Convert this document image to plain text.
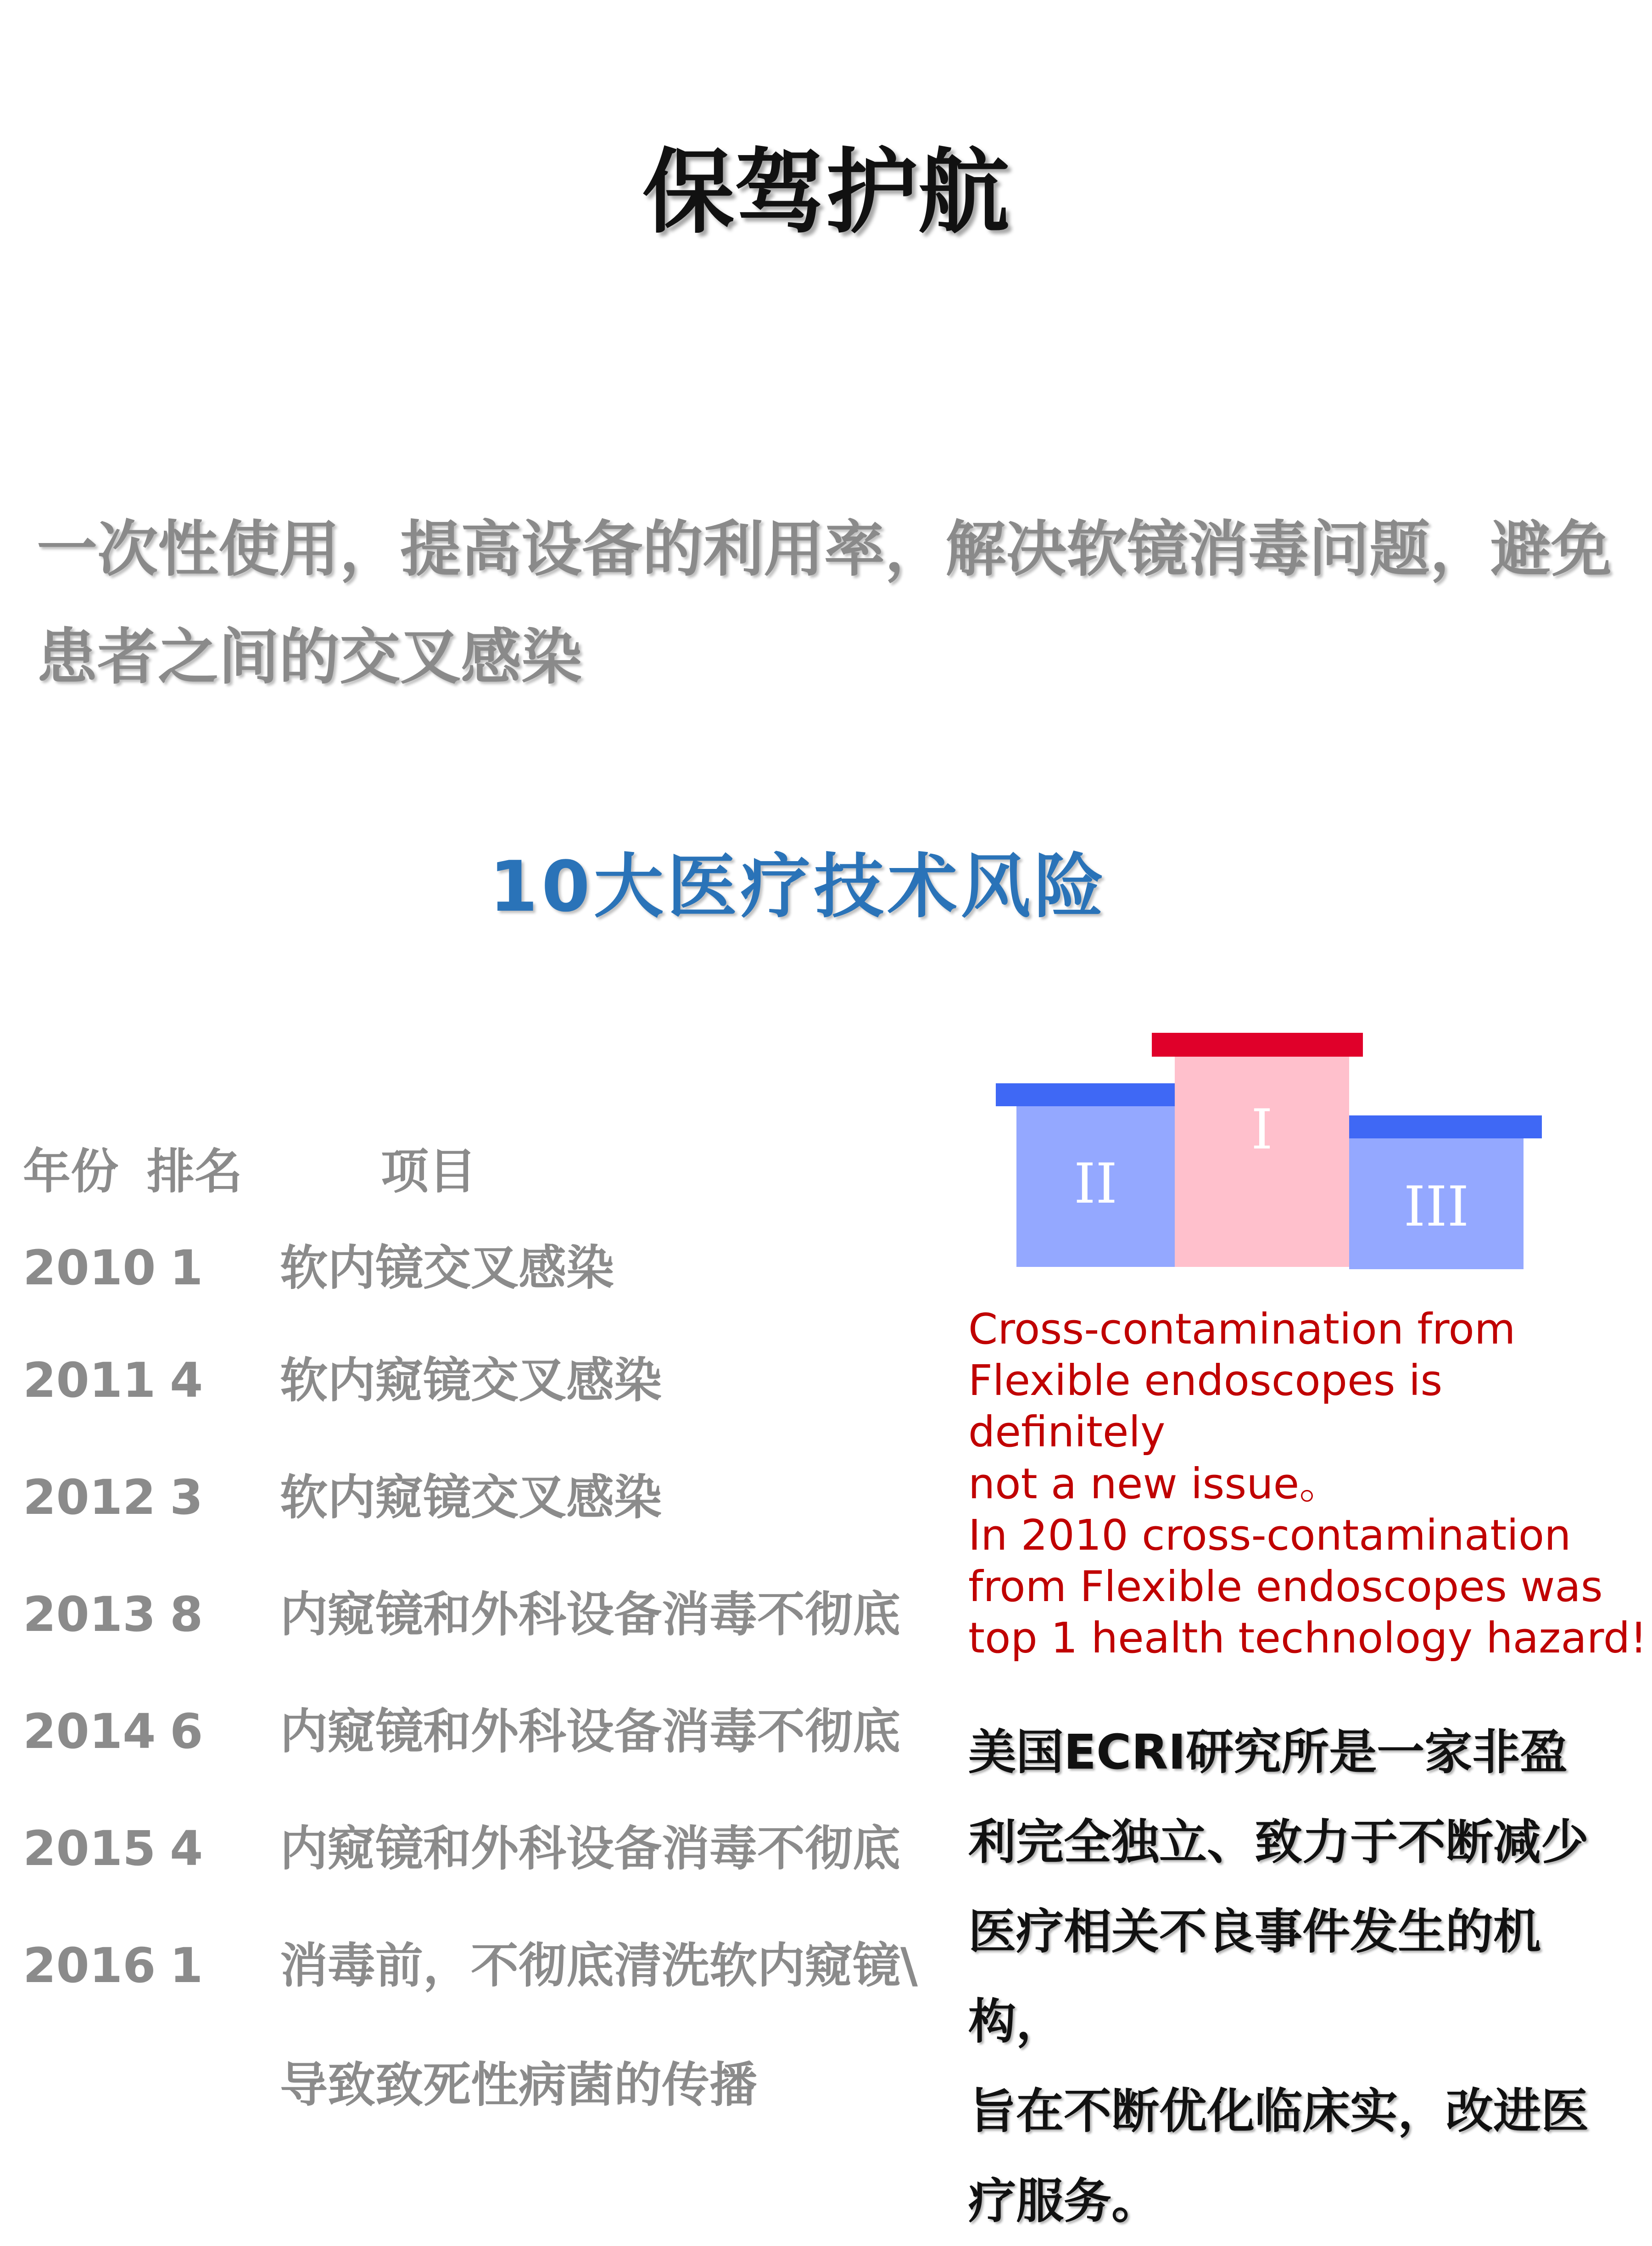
保驾护航
一次性使用，提高设备的利用率，解决软镜消毒问题，避免
患者之间的交叉感染
10大医疗技术风险
年份 排名	项目
2010 1 软内镜交叉感染
2011 4 软内窥镜交叉感染
2012 3 软内窥镜交叉感染
2013 8 内窥镜和外科设备消毒不彻底
2014 6 内窥镜和外科设备消毒不彻底
2015 4 内窥镜和外科设备消毒不彻底
2016 1 消毒前，不彻底清洗软内窥镜\
导致致死性病菌的传播
II
I
III
Cross-contamination from
Flexible endoscopes is definitely
not a new issue。
In 2010 cross-contamination
from Flexible endoscopes was
top 1 health technology hazard!
美国ECRI研究所是一家非盈
利完全独立、致力于不断减少
医疗相关不良事件发生的机构，
旨在不断优化临床实，改进医
疗服务。
